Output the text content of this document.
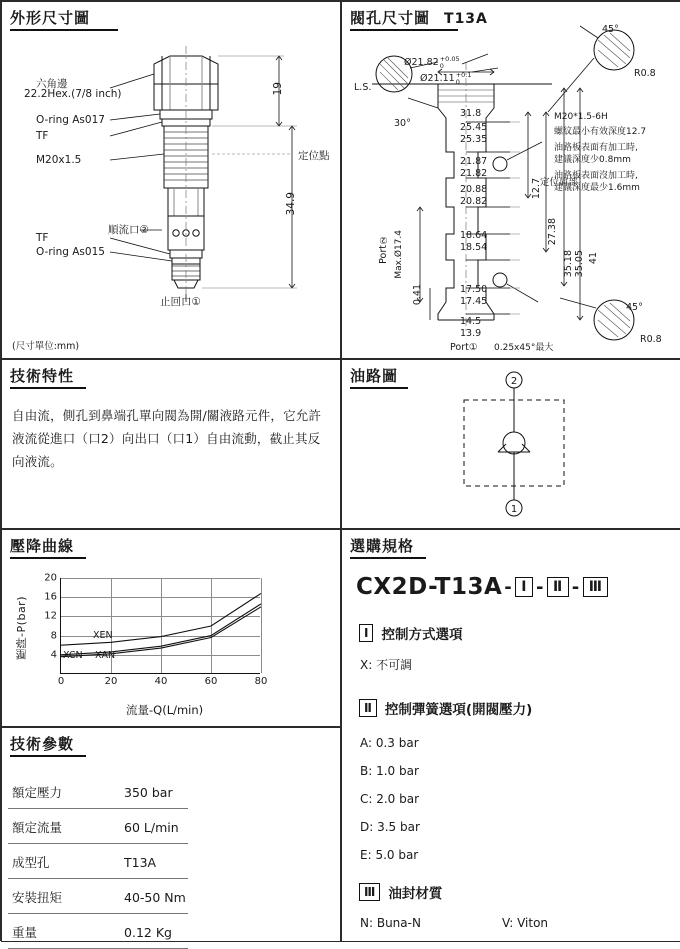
外形尺寸圖
六角邊
22.2Hex.(7/8 inch)
O-ring As017
TF
M20x1.5
TF
O-ring As015
順流口②
止回口①
19
34.9
定位點
(尺寸單位:mm)
閥孔尺寸圖 T13A
Ø21.82 +0.05
0
Ø21.11 +0.1
0
L.S.
30°
45°
R0.8
45°
R0.8
31.8
25.45
25.35
21.87
21.82
20.88
20.82
18.64
18.54
17.50
17.45
14.5
13.9
12.7
27.38
35.18 35.05 41
0.41
Port② Max.Ø17.4
Port① 0.25x45°最大
M20*1.5-6H
螺紋最小有效深度12.7
油路板表面有加工時,
建議深度少0.8mm
油路板表面沒加工時,
建議深度最少1.6mm
定位肩部
技術特性
自由流，側孔到鼻端孔單向閥為開/關液路元件，它允許液流從進口（口2）向出口（口1）自由流動，截止其反向液流。
油路圖	2
1
壓降曲線
壓降-P(bar)
20
16
12
8
4
0	20	40	60	80
XEN
XAN
XCN
流量-Q(L/min)
技術參數
額定壓力	350 bar
額定流量	60 L/min
成型孔	T13A
安裝扭矩	40-50 Nm
重量	0.12 Kg
選購規格
CX2D-T13A - Ⅰ - Ⅱ - Ⅲ
Ⅰ 控制方式選項
X: 不可調
Ⅱ 控制彈簧選項(開閥壓力)
A: 0.3 bar
B: 1.0 bar
C: 2.0 bar
D: 3.5 bar
E: 5.0 bar
Ⅲ 油封材質
N: Buna-N	V: Viton
